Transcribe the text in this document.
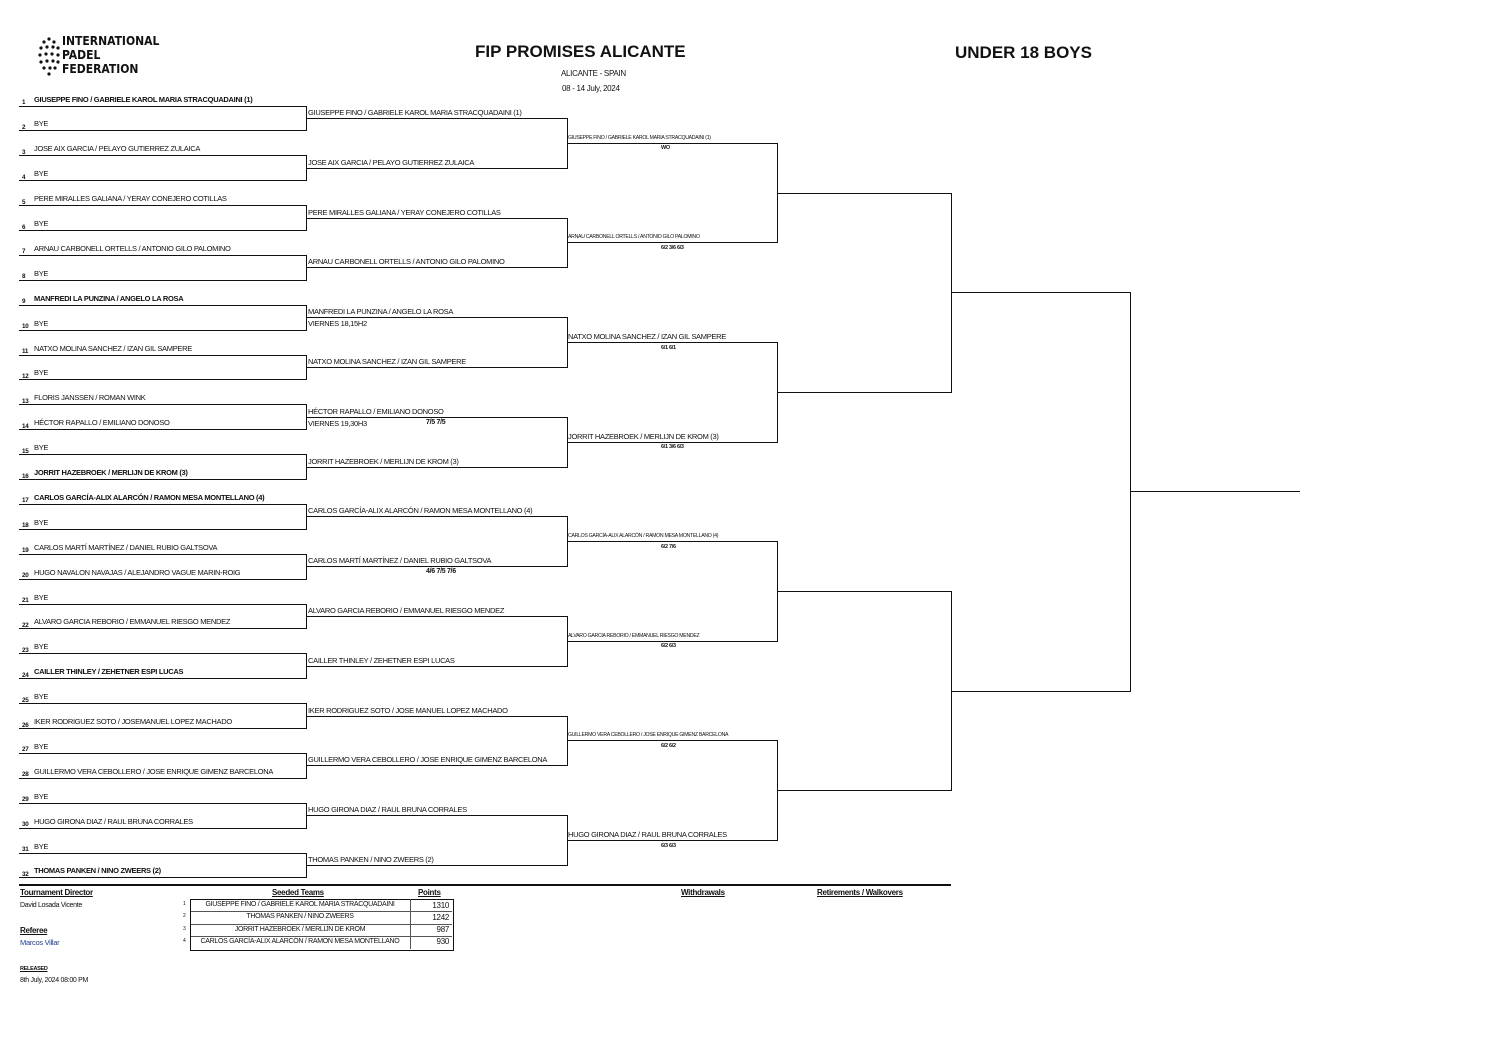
INTERNATIONAL
PADEL
FEDERATION
FIP PROMISES ALICANTE	UNDER 18 BOYS
ALICANTE - SPAIN
08 - 14 July, 2024
1 GIUSEPPE FINO / GABRIELE KAROL MARIA STRACQUADAINI (1)
2 BYE
3 JOSE AIX GARCIA / PELAYO GUTIERREZ ZULAICA
4 BYE
5 PERE MIRALLES GALIANA / YERAY CONEJERO COTILLAS
6 BYE
7 ARNAU CARBONELL ORTELLS / ANTONIO GILO PALOMINO
8 BYE
9 MANFREDI LA PUNZINA / ANGELO LA ROSA
10 BYE
11 NATXO MOLINA SANCHEZ / IZAN GIL SAMPERE
12 BYE
13 FLORIS JANSSEN / ROMAN WINK
14 HÉCTOR RAPALLO / EMILIANO DONOSO
15 BYE
16 JORRIT HAZEBROEK / MERLIJN DE KROM (3)
17 CARLOS GARCÍA-ALIX ALARCÓN / RAMON MESA MONTELLANO (4)
18 BYE
19 CARLOS MARTÍ MARTÍNEZ / DANIEL RUBIO GALTSOVA
20 HUGO NAVALON NAVAJAS / ALEJANDRO VAGUE MARIN-ROIG
21 BYE
22 ALVARO GARCIA REBORIO / EMMANUEL RIESGO MENDEZ
23 BYE
24 CAILLER THINLEY / ZEHETNER ESPI LUCAS
25 BYE
26 IKER RODRIGUEZ SOTO / JOSEMANUEL LOPEZ MACHADO
27 BYE
28 GUILLERMO VERA CEBOLLERO / JOSE ENRIQUE GIMENZ BARCELONA
29 BYE
30 HUGO GIRONA DIAZ / RAUL BRUNA CORRALES
31 BYE
32 THOMAS PANKEN / NINO ZWEERS (2)
GIUSEPPE FINO / GABRIELE KAROL MARIA STRACQUADAINI (1)
JOSE AIX GARCIA / PELAYO GUTIERREZ ZULAICA
PERE MIRALLES GALIANA / YERAY CONEJERO COTILLAS
ARNAU CARBONELL ORTELLS / ANTONIO GILO PALOMINO
MANFREDI LA PUNZINA / ANGELO LA ROSA
VIERNES 18,15H2
NATXO MOLINA SANCHEZ / IZAN GIL SAMPERE
HÉCTOR RAPALLO / EMILIANO DONOSO
VIERNES 19,30H3	7/5 7/5
JORRIT HAZEBROEK / MERLIJN DE KROM (3)
CARLOS GARCÍA-ALIX ALARCÓN / RAMON MESA MONTELLANO (4)
CARLOS MARTÍ MARTÍNEZ / DANIEL RUBIO GALTSOVA
4/6 7/5 7/6
ALVARO GARCIA REBORIO / EMMANUEL RIESGO MENDEZ
CAILLER THINLEY / ZEHETNER ESPI LUCAS
IKER RODRIGUEZ SOTO / JOSE MANUEL LOPEZ MACHADO
GUILLERMO VERA CEBOLLERO / JOSE ENRIQUE GIMENZ BARCELONA
HUGO GIRONA DIAZ / RAUL BRUNA CORRALES
THOMAS PANKEN / NINO ZWEERS (2)
GIUSEPPE FINO / GABRIELE KAROL MARIA STRACQUADAINI (1)
WO
ARNAU CARBONELL ORTELLS / ANTONIO GILO PALOMINO
6/2 3/6 6/3
NATXO MOLINA SANCHEZ / IZAN GIL SAMPERE
6/1 6/1
JORRIT HAZEBROEK / MERLIJN DE KROM (3)
6/1 3/6 6/3
CARLOS GARCÍA-ALIX ALARCÓN / RAMON MESA MONTELLANO (4)
6/2 7/6
ALVARO GARCIA REBORIO / EMMANUEL RIESGO MENDEZ
6/2 6/3
GUILLERMO VERA CEBOLLERO / JOSE ENRIQUE GIMENZ BARCELONA
6/2 6/2
HUGO GIRONA DIAZ / RAUL BRUNA CORRALES
6/3 6/3
Tournament Director
David Losada Vicente
Referee
Marcos Villar
Seeded Teams	Points	Withdrawals	Retirements / Walkovers
1	GIUSEPPE FINO / GABRIELE KAROL MARIA STRACQUADAINI	1310
2	THOMAS PANKEN / NINO ZWEERS	1242
3	JORRIT HAZEBROEK / MERLIJN DE KROM	987
4	CARLOS GARCÍA-ALIX ALARCÓN / RAMON MESA MONTELLANO	930
RELEASED
8th July, 2024 08:00 PM
